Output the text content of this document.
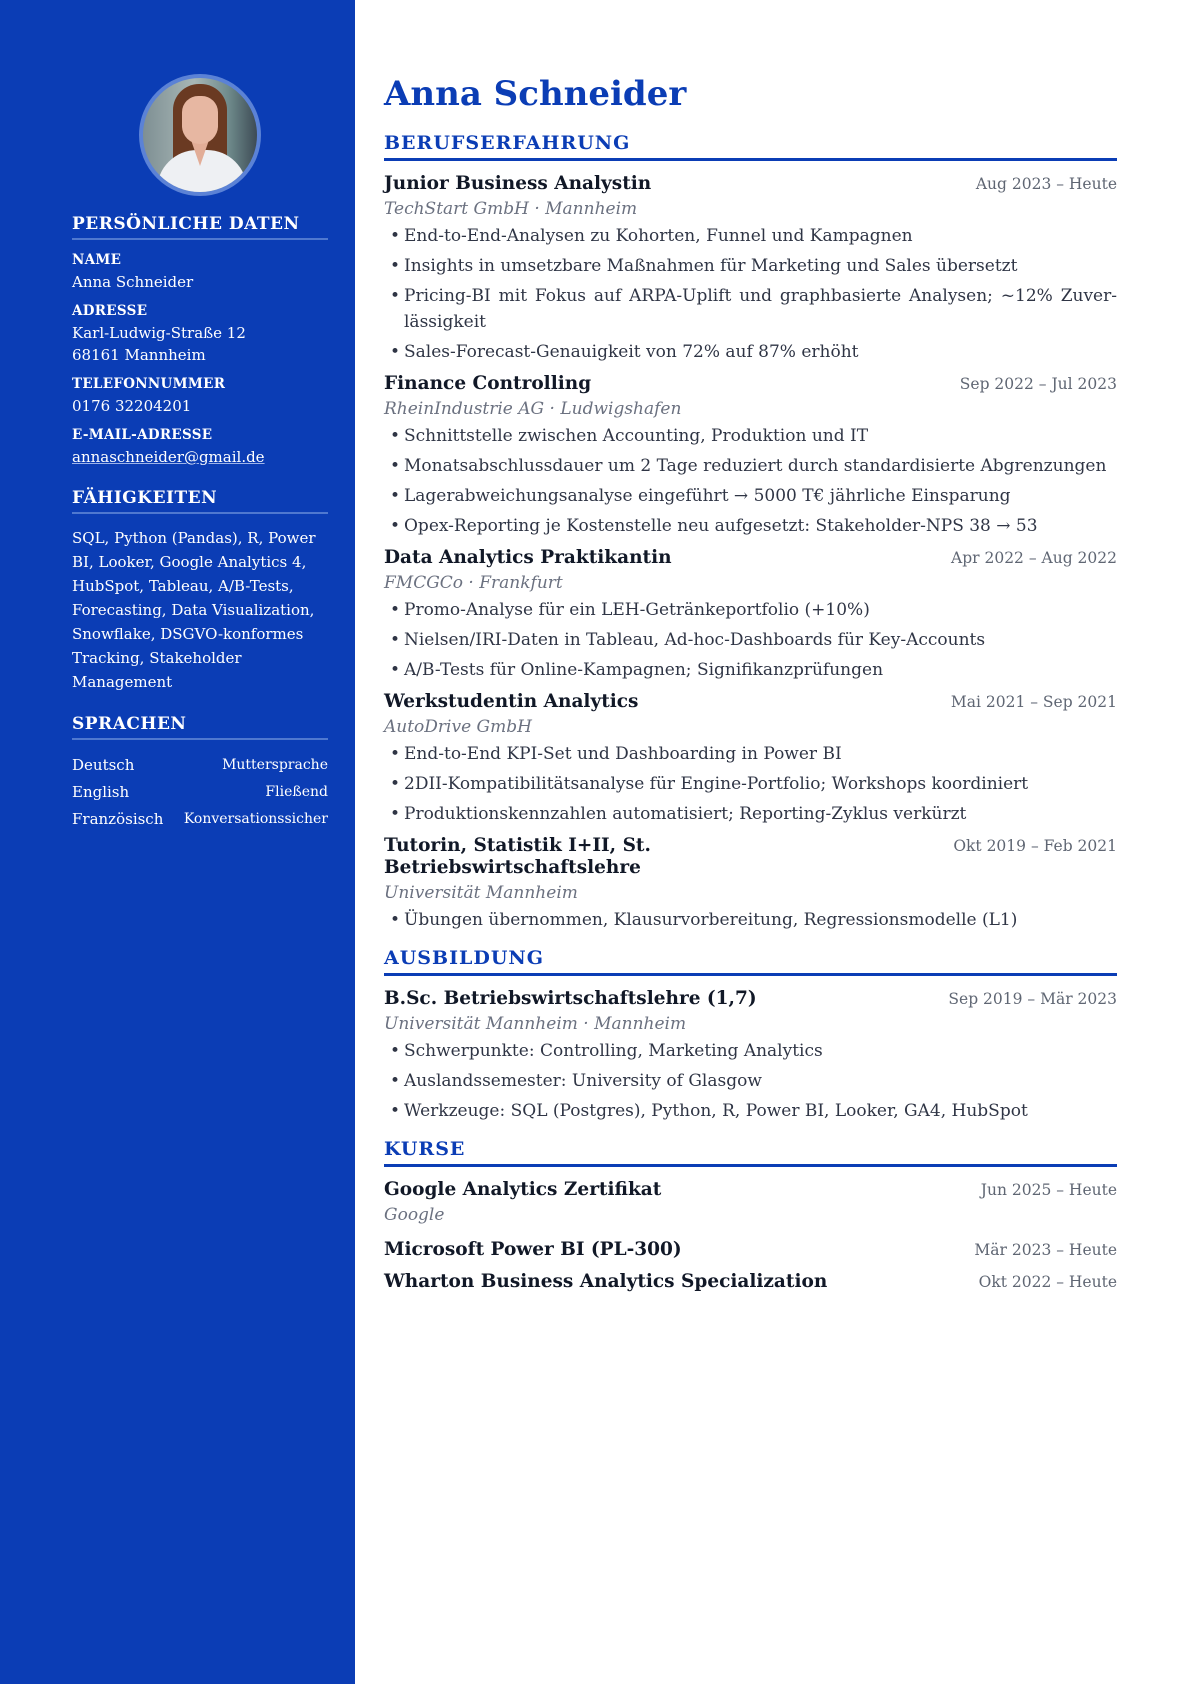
PERSÖNLICHE DATEN
NAME
Anna Schneider
ADRESSE
Karl-Ludwig-Straße 12
68161 Mannheim
TELEFONNUMMER
0176 32204201
E-MAIL-ADRESSE
annaschneider@gmail.de
FÄHIGKEITEN
SQL, Python (Pandas), R, Power BI, Looker, Google Analytics 4, HubSpot, Tableau, A/B-Tests, Forecasting, Data Visualization, Snowflake, DSGVO-konformes Tracking, Stakeholder Management
SPRACHEN
Deutsch	Muttersprache
English	Fließend
Französisch Konversationssicher
Anna Schneider
BERUFSERFAHRUNG
Junior Business Analystin	Aug 2023 – Heute
TechStart GmbH · Mannheim
• End-to-End-Analysen zu Kohorten, Funnel und Kampagnen
• Insights in umsetzbare Maßnahmen für Marketing und Sales übersetzt
• Pricing-BI mit Fokus auf ARPA-Uplift und graphbasierte Analysen; ~12% Zuverlässigkeit
• Sales-Forecast-Genauigkeit von 72% auf 87% erhöht
Finance Controlling	Sep 2022 – Jul 2023
RheinIndustrie AG · Ludwigshafen
• Schnittstelle zwischen Accounting, Produktion und IT
• Monatsabschlussdauer um 2 Tage reduziert durch standardisierte Abgrenzungen
• Lagerabweichungsanalyse eingeführt → 5000 T€ jährliche Einsparung
• Opex-Reporting je Kostenstelle neu aufgesetzt: Stakeholder-NPS 38 → 53
Data Analytics Praktikantin	Apr 2022 – Aug 2022
FMCGCo · Frankfurt
• Promo-Analyse für ein LEH-Getränkeportfolio (+10%)
• Nielsen/IRI-Daten in Tableau, Ad-hoc-Dashboards für Key-Accounts
• A/B-Tests für Online-Kampagnen; Signifikanzprüfungen
Werkstudentin Analytics	Mai 2021 – Sep 2021
AutoDrive GmbH
• End-to-End KPI-Set und Dashboarding in Power BI
• 2DII-Kompatibilitätsanalyse für Engine-Portfolio; Workshops koordiniert
• Produktionskennzahlen automatisiert; Reporting-Zyklus verkürzt
Tutorin, Statistik I+II, St. Betriebswirtschaftslehre
Okt 2019 – Feb 2021
Universität Mannheim
• Übungen übernommen, Klausurvorbereitung, Regressionsmodelle (L1)
AUSBILDUNG
B.Sc. Betriebswirtschaftslehre (1,7)	Sep 2019 – Mär 2023
Universität Mannheim · Mannheim
• Schwerpunkte: Controlling, Marketing Analytics
• Auslandssemester: University of Glasgow
• Werkzeuge: SQL (Postgres), Python, R, Power BI, Looker, GA4, HubSpot
KURSE
Google Analytics Zertifikat	Jun 2025 – Heute
Google
Microsoft Power BI (PL-300)	Mär 2023 – Heute
Wharton Business Analytics Specialization	Okt 2022 – Heute
